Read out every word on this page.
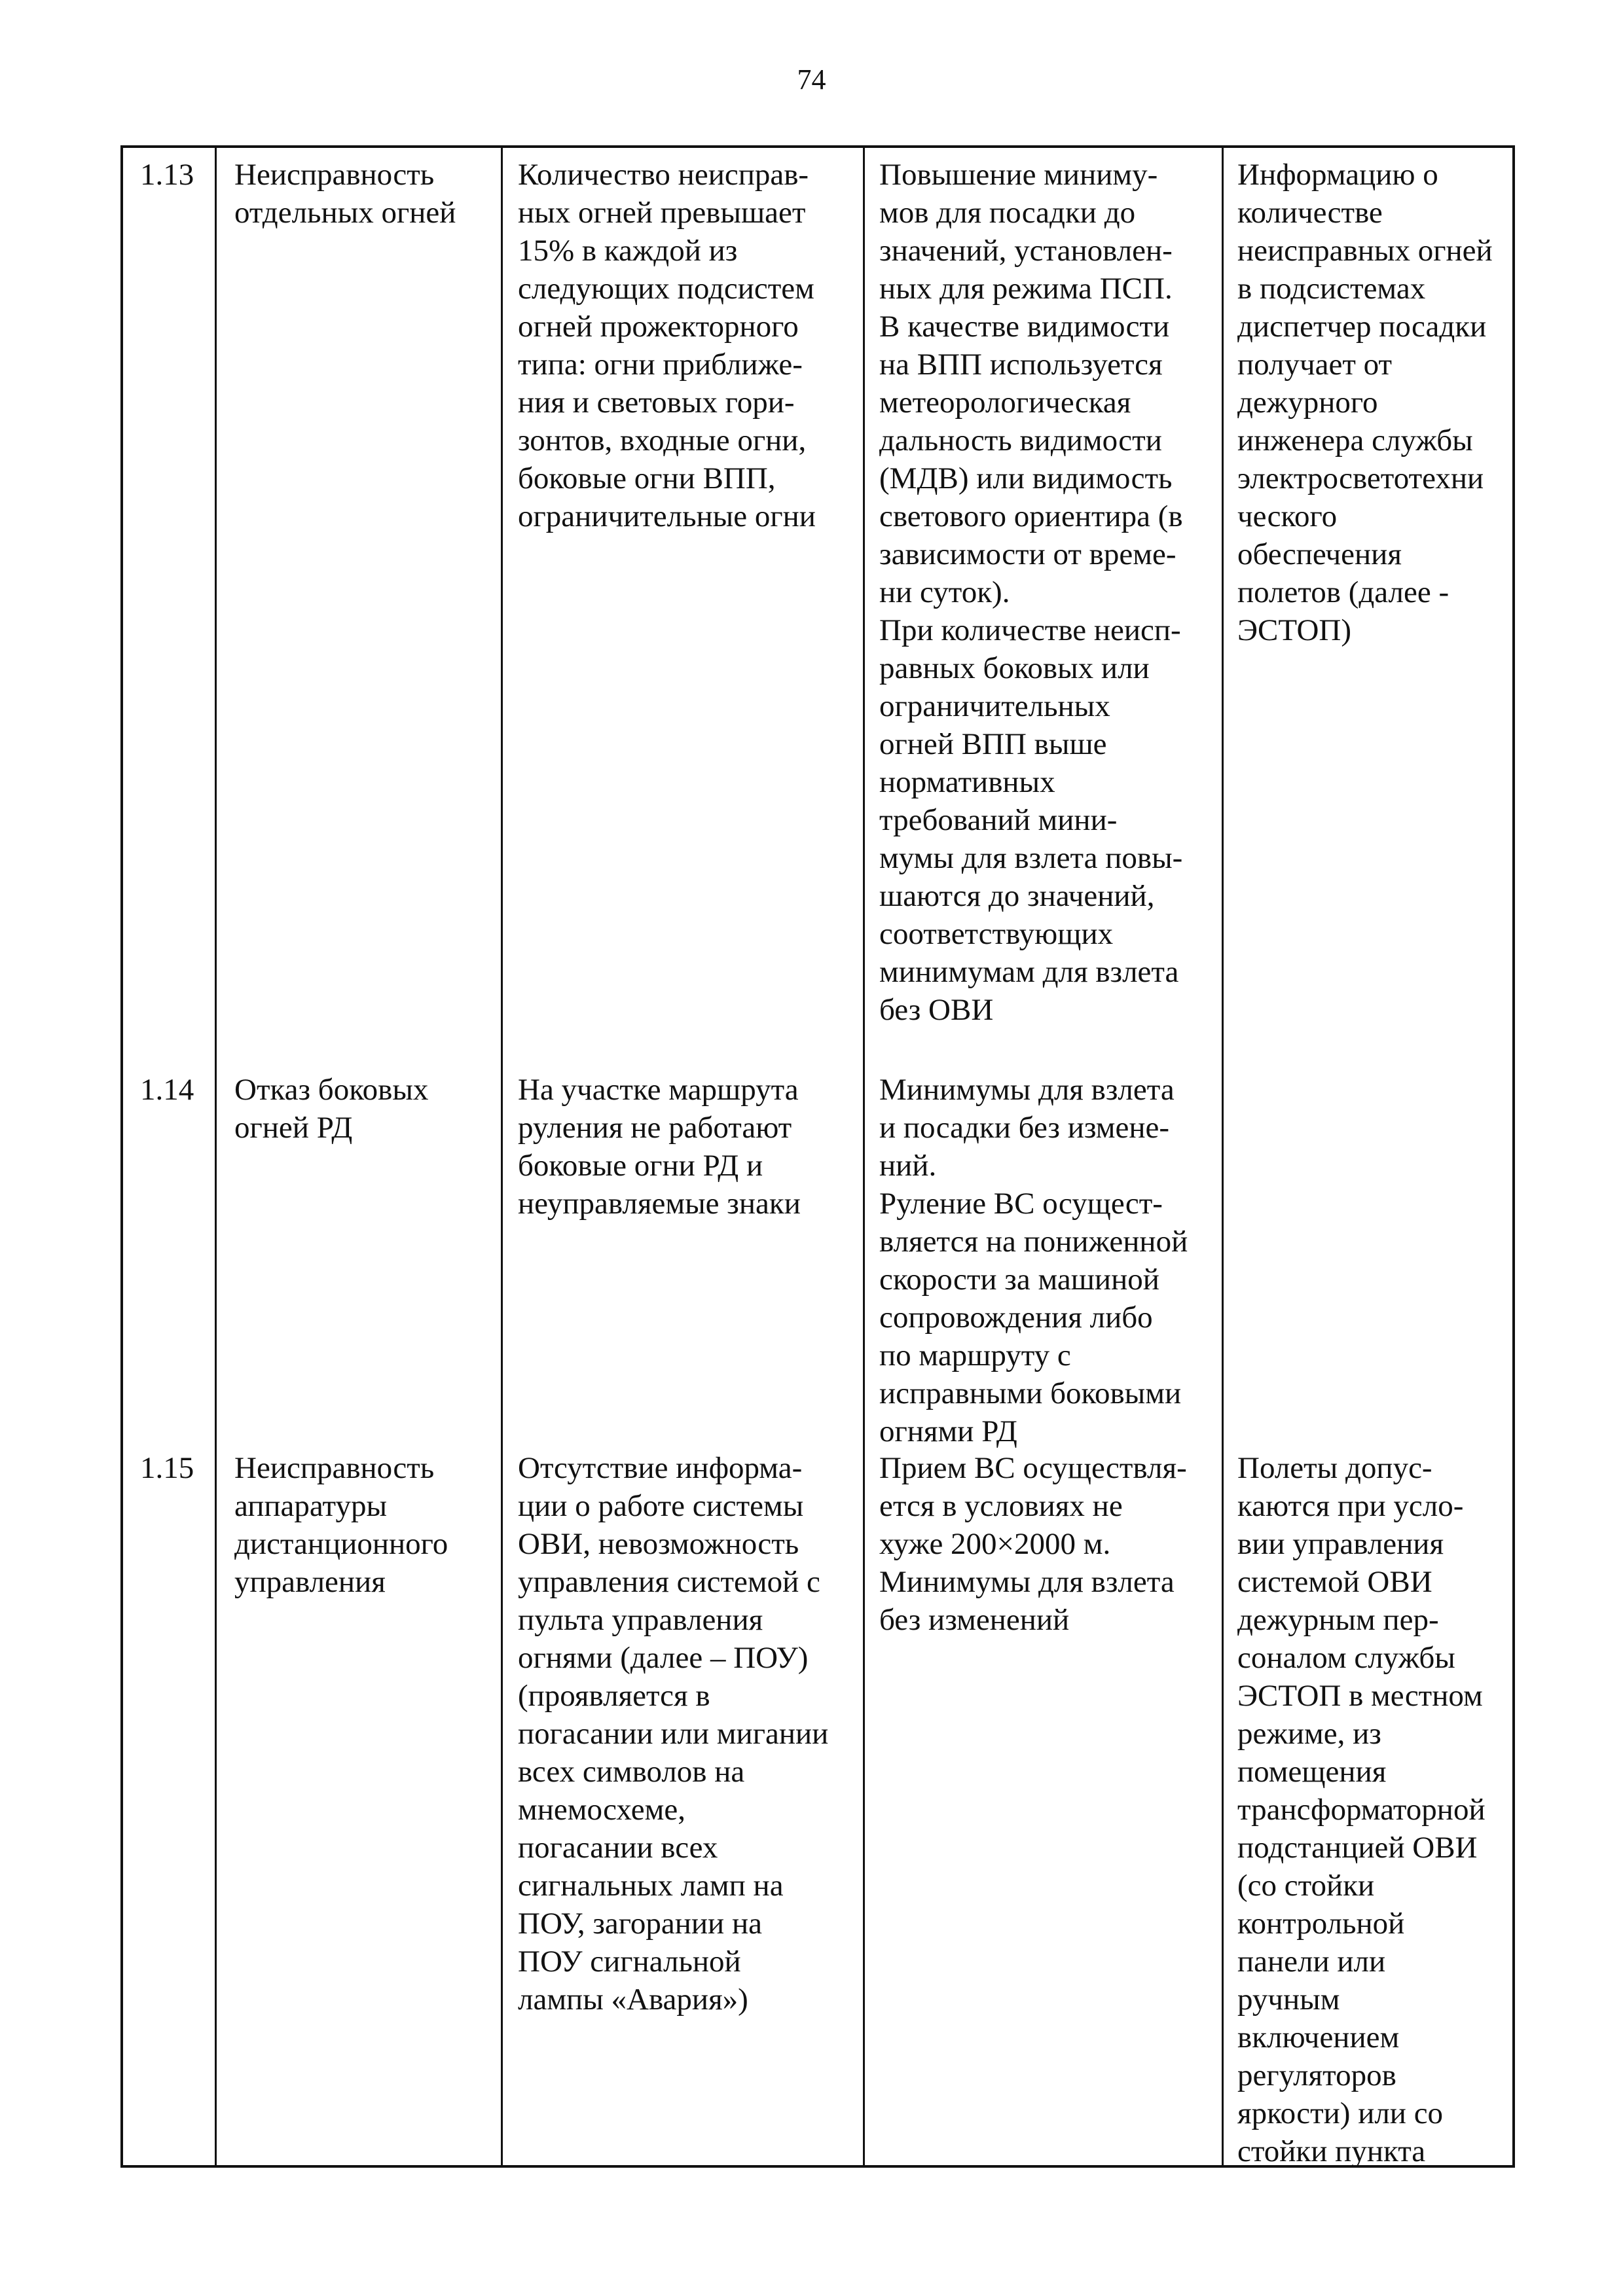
74
1.13 Неисправность
отдельных огней
Количество неисправ-
ных огней превышает
15% в каждой из
следующих подсистем
огней прожекторного
типа: огни приближе-
ния и световых гори-
зонтов, входные огни,
боковые огни ВПП,
ограничительные огни
Повышение миниму-
мов для посадки до
значений, установлен-
ных для режима ПСП.
В качестве видимости
на ВПП используется
метеорологическая
дальность видимости
(МДВ) или видимость
светового ориентира (в
зависимости от време-
ни суток).
При количестве неисп-
равных боковых или
ограничительных
огней ВПП выше
нормативных
требований мини-
мумы для взлета повы-
шаются до значений,
соответствующих
минимумам для взлета
без ОВИ
Информацию о
количестве
неисправных огней
в подсистемах
диспетчер посадки
получает от
дежурного
инженера службы
электросветотехни
ческого
обеспечения
полетов (далее -
ЭСТОП)
1.14 Отказ боковых
огней РД
На участке маршрута
руления не работают
боковые огни РД и
неуправляемые знаки
Минимумы для взлета
и посадки без измене-
ний.
Руление ВС осущест-
вляется на пониженной
скорости за машиной
сопровождения либо
по маршруту с
исправными боковыми
огнями РД
1.15 Неисправность
аппаратуры
дистанционного
управления
Отсутствие информа-
ции о работе системы
ОВИ, невозможность
управления системой с
пульта управления
огнями (далее – ПОУ)
(проявляется в
погасании или мигании
всех символов на
мнемосхеме,
погасании всех
сигнальных ламп на
ПОУ, загорании на
ПОУ сигнальной
лампы «Авария»)
Прием ВС осуществля-
ется в условиях не
хуже 200×2000 м.
Минимумы для взлета
без изменений
Полеты допус-
каются при усло-
вии управления
системой ОВИ
дежурным пер-
соналом службы
ЭСТОП в местном
режиме, из
помещения
трансформаторной
подстанцией ОВИ
(со стойки
контрольной
панели или
ручным
включением
регуляторов
яркости) или со
стойки пункта
